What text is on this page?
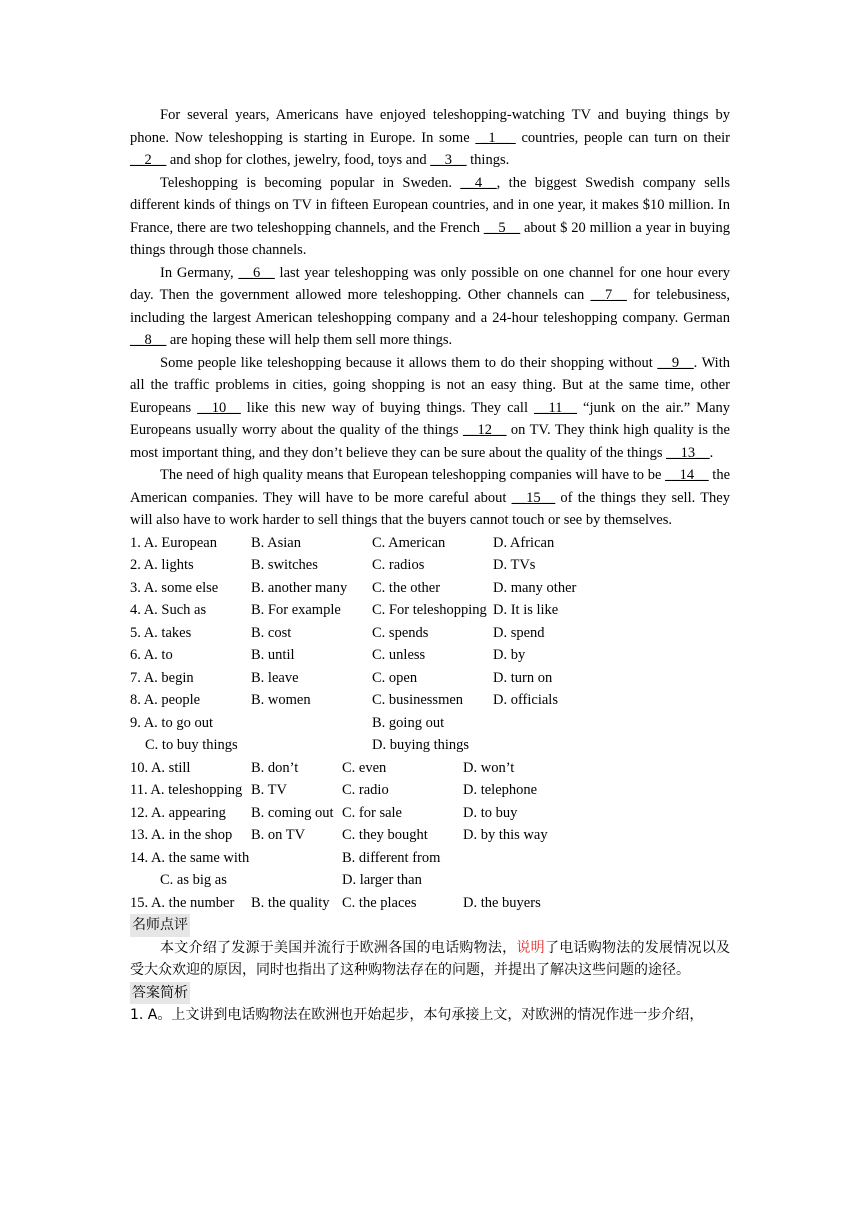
For several years, Americans have enjoyed teleshopping-watching TV and buying things by phone. Now teleshopping is starting in Europe. In some  _1__  countries, people can turn on their __2__ and shop for clothes, jewelry, food, toys and __3__ things.

Teleshopping is becoming popular in Sweden. __4__, the biggest Swedish company sells different kinds of things on TV in fifteen European countries, and in one year, it makes $10 million. In France, there are two teleshopping channels, and the French __5__ about $ 20 million a year in buying things through those channels.

In Germany, __6__ last year teleshopping was only possible on one channel for one hour every day. Then the government allowed more teleshopping. Other channels can __7__ for telebusiness, including the largest American teleshopping company and a 24-hour teleshopping company. German __8__ are hoping these will help them sell more things.

Some people like teleshopping because it allows them to do their shopping without __9__. With all the traffic problems in cities, going shopping is not an easy thing. But at the same time, other Europeans __10__ like this new way of buying things. They call __11__ “junk on the air.” Many Europeans usually worry about the quality of the things __12__ on TV. They think high quality is the most important thing, and they don’t believe they can be sure about the quality of the things __13__.

The need of high quality means that European teleshopping companies will have to be __14__ the American companies. They will have to be more careful about __15__ of the things they sell. They will also have to work harder to sell things that the buyers cannot touch or see by themselves.

1. A. European	B. Asian	C. American	D. African
2. A. lights	B. switches	C. radios	D. TVs
3. A. some else	B. another many	C. the other	D. many other
4. A. Such as	B. For example	C. For teleshopping D. It is like
5. A. takes	B. cost	C. spends	D. spend
6. A. to	B. until	C. unless	D. by
7. A. begin	B. leave	C. open	D. turn on
8. A. people	B. women	C. businessmen	D. officials
9. A. to go out	B. going out
C. to buy things	D. buying things
10. A. still	B. don’t	C. even	D. won’t
11. A. teleshopping B. TV	C. radio	D. telephone
12. A. appearing	B. coming out C. for sale	D. to buy
13. A. in the shop	B. on TV	C. they bought	D. by this way
14. A. the same with	B. different from
C. as big as	D. larger than
15. A. the number	B. the quality C. the places	D. the buyers
名师点评

本文介绍了发源于美国并流行于欧洲各国的电话购物法，说明了电话购物法的发展情况以及受大众欢迎的原因，同时也指出了这种购物法存在的问题，并提出了解决这些问题的途径。

答案简析
1. A。上文讲到电话购物法在欧洲也开始起步，本句承接上文，对欧洲的情况作进一步介绍，
